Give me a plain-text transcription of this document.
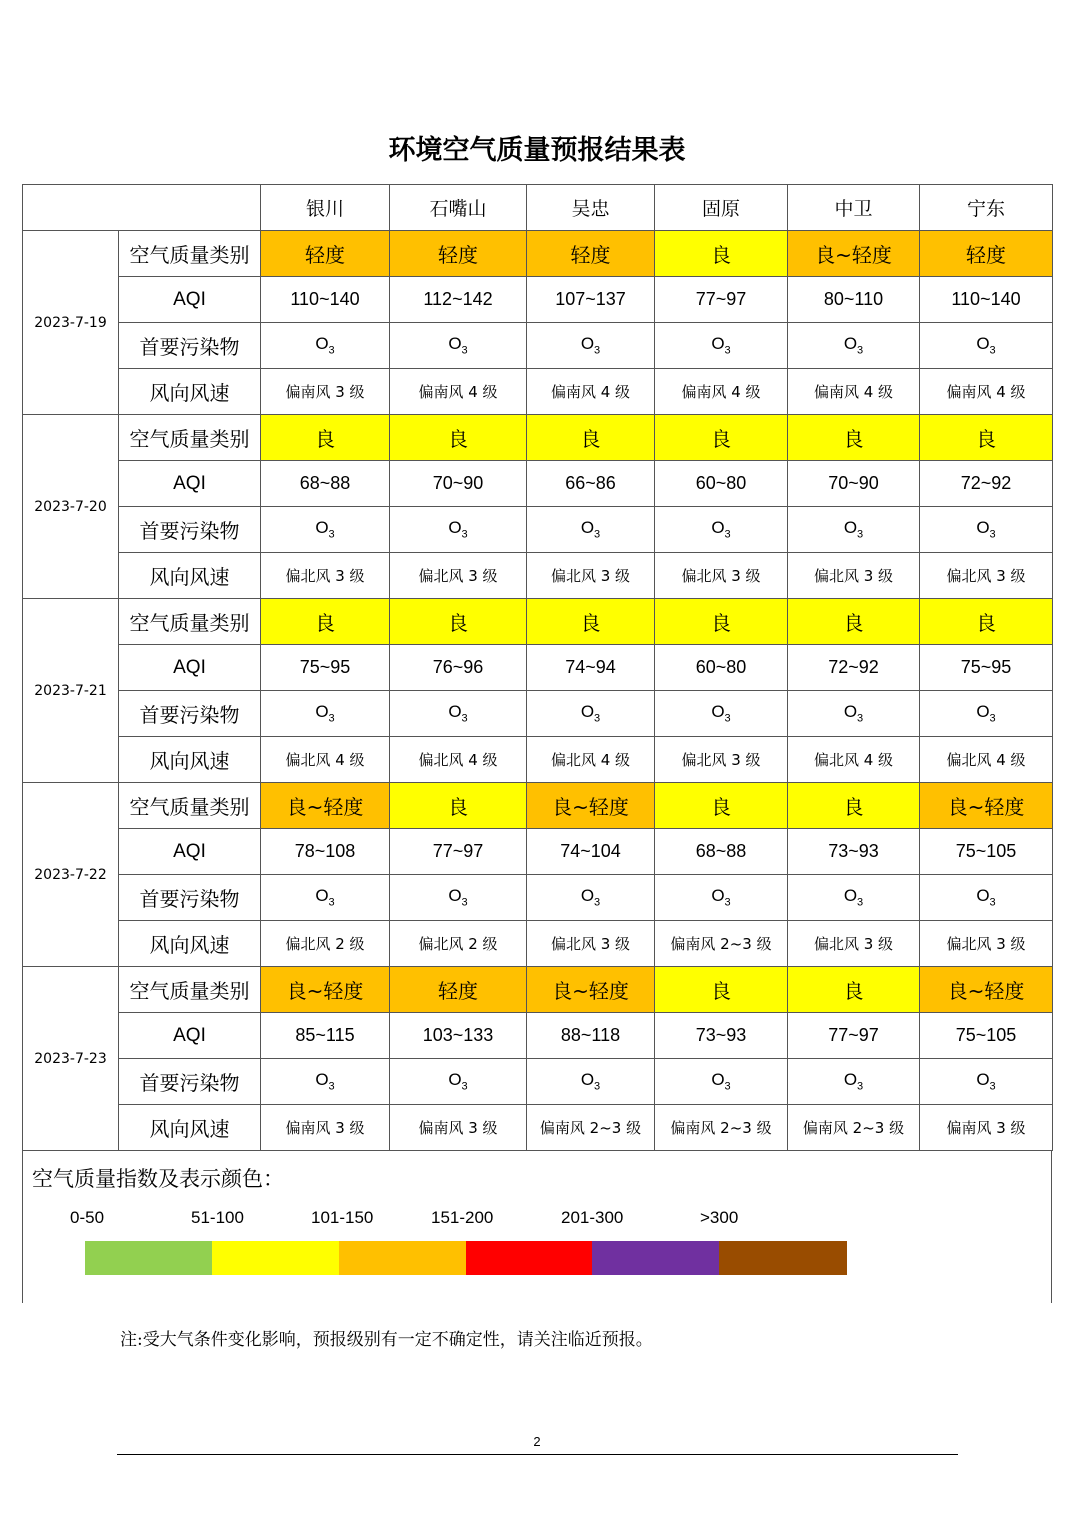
环境空气质量预报结果表
		银川	石嘴山	吴忠	固原	中卫	宁东
2023-7-19	空气质量类别	轻度	轻度	轻度	良	良~轻度	轻度
	AQI	110~140	112~142	107~137	77~97	80~110	110~140
	首要污染物	$O_3$	$O_3$	$O_3$	$O_3$	$O_3$	$O_3$
	风向风速	偏南风 3 级	偏南风 4 级	偏南风 4 级	偏南风 4 级	偏南风 4 级	偏南风 4 级
2023-7-20	空气质量类别	良	良	良	良	良	良
	AQI	68~88	70~90	66~86	60~80	70~90	72~92
	首要污染物	$O_3$	$O_3$	$O_3$	$O_3$	$O_3$	$O_3$
	风向风速	偏北风 3 级	偏北风 3 级	偏北风 3 级	偏北风 3 级	偏北风 3 级	偏北风 3 级
2023-7-21	空气质量类别	良	良	良	良	良	良
	AQI	75~95	76~96	74~94	60~80	72~92	75~95
	首要污染物	$O_3$	$O_3$	$O_3$	$O_3$	$O_3$	$O_3$
	风向风速	偏北风 4 级	偏北风 4 级	偏北风 4 级	偏北风 3 级	偏北风 4 级	偏北风 4 级
2023-7-22	空气质量类别	良~轻度	良	良~轻度	良	良	良~轻度
	AQI	78~108	77~97	74~104	68~88	73~93	75~105
	首要污染物	$O_3$	$O_3$	$O_3$	$O_3$	$O_3$	$O_3$
	风向风速	偏北风 2 级	偏北风 2 级	偏北风 3 级	偏南风 2~3 级	偏北风 3 级	偏北风 3 级
2023-7-23	空气质量类别	良~轻度	轻度	良~轻度	良	良	良~轻度
	AQI	85~115	103~133	88~118	73~93	77~97	75~105
	首要污染物	$O_3$	$O_3$	$O_3$	$O_3$	$O_3$	$O_3$
	风向风速	偏南风 3 级	偏南风 3 级	偏南风 2~3 级	偏南风 2~3 级	偏南风 2~3 级	偏南风 3 级
空气质量指数及表示颜色：
0-50	51-100	101-150	151-200	201-300	>300
注:受大气条件变化影响，预报级别有一定不确定性，请关注临近预报。
2
